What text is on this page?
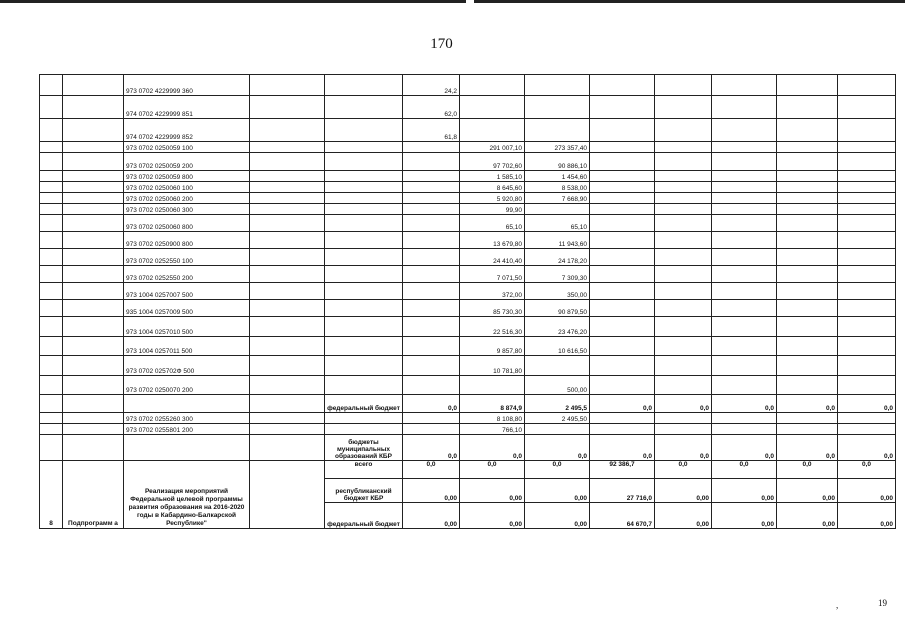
170
		973 0702 4229999 360			24,2							
		974 0702 4229999 851			62,0							
		974 0702 4229999 852			61,8							
		973 0702 0250059 100				291 007,10	273 357,40					
		973 0702 0250059 200				97 702,60	90 886,10					
		973 0702 0250059 800				1 585,10	1 454,60					
		973 0702 0250060 100				8 645,60	8 538,00					
		973 0702 0250060 200				5 920,80	7 668,90					
		973 0702 0250060 300				99,90						
		973 0702 0250060 800				65,10	65,10					
		973 0702 0250900 800				13 679,80	11 943,60					
		973 0702 0252550 100				24 410,40	24 178,20					
		973 0702 0252550 200				7 071,50	7 309,30					
		973 1004 0257007 500				372,00	350,00					
		935 1004 0257009 500				85 730,30	90 879,50					
		973 1004 0257010 500				22 516,30	23 476,20					
		973 1004 0257011 500				9 857,80	10 616,50					
		973 0702 025702Ф 500				10 781,80						
		973 0702 0250070 200					500,00					
				федеральный бюджет	0,0	8 874,9	2 495,5	0,0	0,0	0,0	0,0	0,0
		973 0702 0255260 300				8 108,80	2 495,50					
		973 0702 0255801 200				766,10						
				бюджеты муниципальных образований КБР	0,0	0,0	0,0	0,0	0,0	0,0	0,0	0,0
8	Подпрограмм а	Реализация мероприятий Федеральной целевой программы развития образования на 2016-2020 годы в Кабардино-Балкарской Республике"		всего	0,0	0,0	0,0	92 386,7	0,0	0,0	0,0	0,0
				республиканский бюджет КБР	0,00	0,00	0,00	27 716,0	0,00	0,00	0,00	0,00
				федеральный бюджет	0,00	0,00	0,00	64 670,7	0,00	0,00	0,00	0,00
,	19
